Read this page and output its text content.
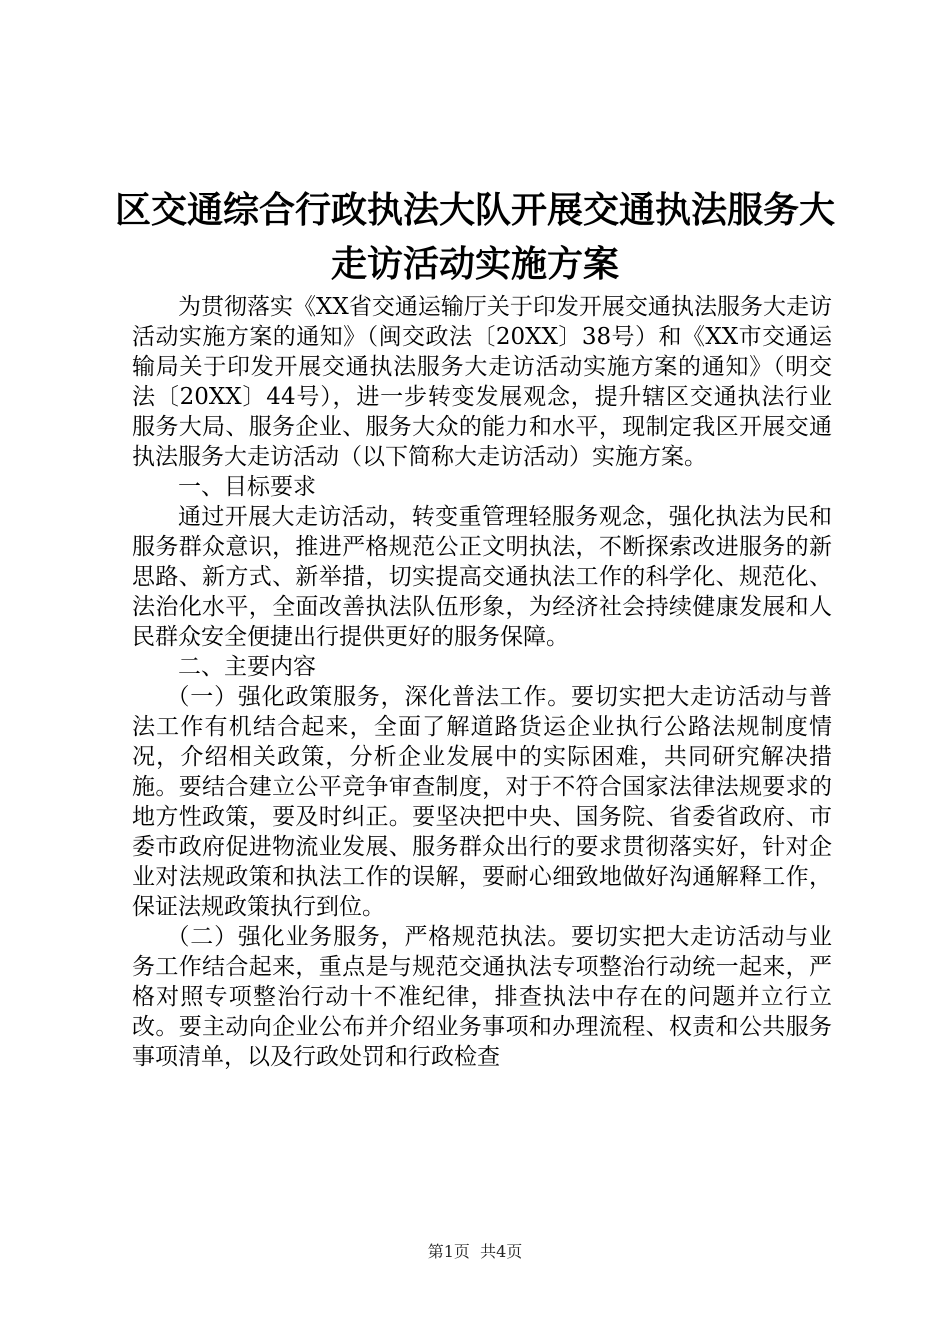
区交通综合行政执法大队开展交通执法服务大
走访活动实施方案

为贯彻落实《XX省交通运输厅关于印发开展交通执法服务大走访活动实施方案的通知》（闽交政法〔20XX〕38号）和《XX市交通运输局关于印发开展交通执法服务大走访活动实施方案的通知》（明交法〔20XX〕44号），进一步转变发展观念，提升辖区交通执法行业服务大局、服务企业、服务大众的能力和水平，现制定我区开展交通执法服务大走访活动（以下简称大走访活动）实施方案。

一、目标要求

通过开展大走访活动，转变重管理轻服务观念，强化执法为民和服务群众意识，推进严格规范公正文明执法，不断探索改进服务的新思路、新方式、新举措，切实提高交通执法工作的科学化、规范化、法治化水平，全面改善执法队伍形象，为经济社会持续健康发展和人民群众安全便捷出行提供更好的服务保障。

二、主要内容

（一）强化政策服务，深化普法工作。要切实把大走访活动与普法工作有机结合起来，全面了解道路货运企业执行公路法规制度情况，介绍相关政策，分析企业发展中的实际困难，共同研究解决措施。要结合建立公平竞争审查制度，对于不符合国家法律法规要求的地方性政策，要及时纠正。要坚决把中央、国务院、省委省政府、市委市政府促进物流业发展、服务群众出行的要求贯彻落实好，针对企业对法规政策和执法工作的误解，要耐心细致地做好沟通解释工作，保证法规政策执行到位。

（二）强化业务服务，严格规范执法。要切实把大走访活动与业务工作结合起来，重点是与规范交通执法专项整治行动统一起来，严格对照专项整治行动十不准纪律，排查执法中存在的问题并立行立改。要主动向企业公布并介绍业务事项和办理流程、权责和公共服务事项清单，以及行政处罚和行政检查

第1页  共4页
